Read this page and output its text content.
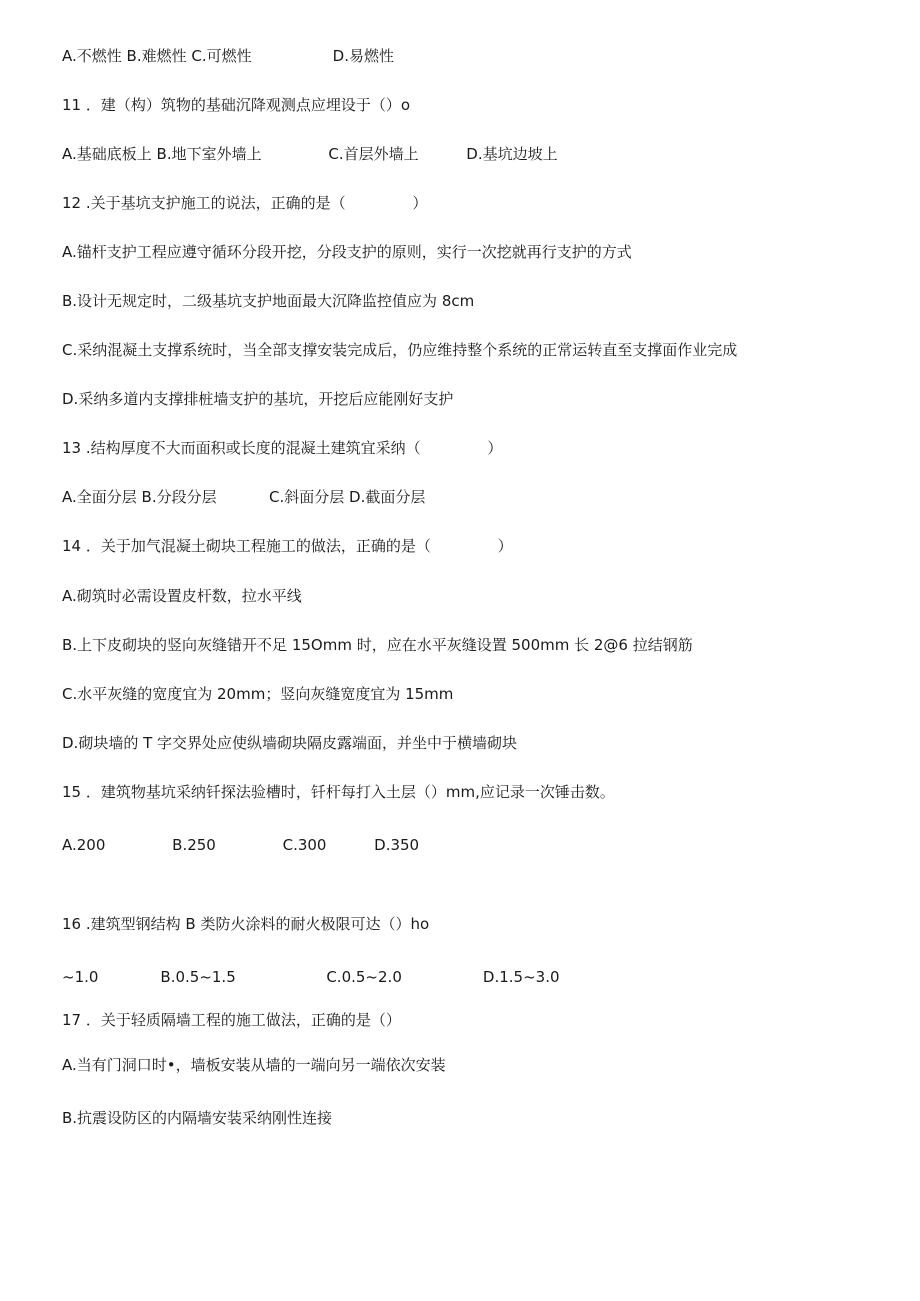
A.不燃性 B.难燃性 C.可燃性                 D.易燃性
11 ．建（构）筑物的基础沉降观测点应埋设于（）o
A.基础底板上 B.地下室外墙上              C.首层外墙上          D.基坑边坡上
12 .关于基坑支护施工的说法，正确的是（              ）
A.锚杆支护工程应遵守循环分段开挖，分段支护的原则，实行一次挖就再行支护的方式
B.设计无规定时，二级基坑支护地面最大沉降监控值应为 8cm
C.采纳混凝土支撑系统时，当全部支撑安装完成后，仍应维持整个系统的正常运转直至支撑面作业完成
D.采纳多道内支撑排桩墙支护的基坑，开挖后应能刚好支护
13 .结构厚度不大而面积或长度的混凝土建筑宜采纳（              ）
A.全面分层 B.分段分层           C.斜面分层 D.截面分层
14 ．关于加气混凝土砌块工程施工的做法，正确的是（              ）
A.砌筑时必需设置皮杆数，拉水平线
B.上下皮砌块的竖向灰缝错开不足 15Omm 时，应在水平灰缝设置 500mm 长 2@6 拉结钢筋
C.水平灰缝的宽度宜为 20mm；竖向灰缝宽度宜为 15mm
D.砌块墙的 T 字交界处应使纵墙砌块隔皮露端面，并坐中于横墙砌块
15 ．建筑物基坑采纳钎探法验槽时，钎杆每打入土层（）mm,应记录一次锤击数。
A.200              B.250              C.300          D.350
16 .建筑型钢结构 B 类防火涂料的耐火极限可达（）ho
~1.0             B.0.5~1.5                   C.0.5~2.0                 D.1.5~3.0
17 ．关于轻质隔墙工程的施工做法，正确的是（）
A.当有门洞口时•，墙板安装从墙的一端向另一端依次安装
B.抗震设防区的内隔墙安装采纳刚性连接
